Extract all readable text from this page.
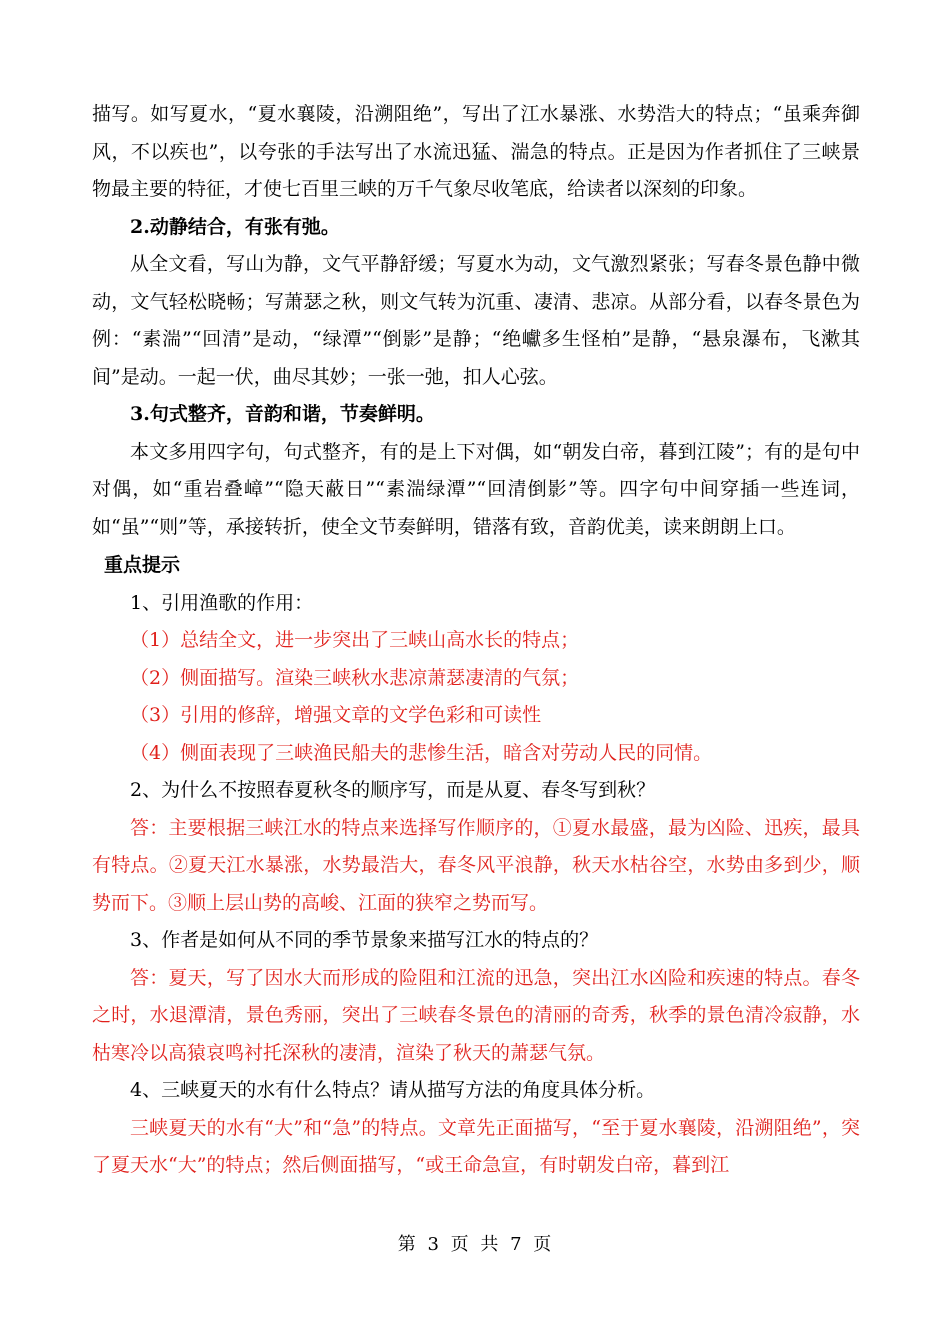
描写。如写夏水，“夏水襄陵，沿溯阻绝”，写出了江水暴涨、水势浩大的特点；“虽乘奔御风，不以疾也”，以夸张的手法写出了水流迅猛、湍急的特点。正是因为作者抓住了三峡景物最主要的特征，才使七百里三峡的万千气象尽收笔底，给读者以深刻的印象。

2.动静结合，有张有弛。

从全文看，写山为静，文气平静舒缓；写夏水为动，文气激烈紧张；写春冬景色静中微动，文气轻松晓畅；写萧瑟之秋，则文气转为沉重、凄清、悲凉。从部分看，以春冬景色为例：“素湍”“回清”是动，“绿潭”“倒影”是静；“绝巘多生怪柏”是静，“悬泉瀑布，飞漱其间”是动。一起一伏，曲尽其妙；一张一弛，扣人心弦。

3.句式整齐，音韵和谐，节奏鲜明。

本文多用四字句，句式整齐，有的是上下对偶，如“朝发白帝，暮到江陵”；有的是句中对偶，如“重岩叠嶂”“隐天蔽日”“素湍绿潭”“回清倒影”等。四字句中间穿插一些连词，如“虽”“则”等，承接转折，使全文节奏鲜明，错落有致，音韵优美，读来朗朗上口。

重点提示

1、引用渔歌的作用：

（1）总结全文，进一步突出了三峡山高水长的特点；

（2）侧面描写。渲染三峡秋水悲凉萧瑟凄清的气氛；

（3）引用的修辞，增强文章的文学色彩和可读性

（4）侧面表现了三峡渔民船夫的悲惨生活，暗含对劳动人民的同情。

2、为什么不按照春夏秋冬的顺序写，而是从夏、春冬写到秋？

答：主要根据三峡江水的特点来选择写作顺序的，①夏水最盛，最为凶险、迅疾，最具有特点。②夏天江水暴涨，水势最浩大，春冬风平浪静，秋天水枯谷空，水势由多到少，顺势而下。③顺上层山势的高峻、江面的狭窄之势而写。

3、作者是如何从不同的季节景象来描写江水的特点的？

答：夏天，写了因水大而形成的险阻和江流的迅急，突出江水凶险和疾速的特点。春冬之时，水退潭清，景色秀丽，突出了三峡春冬景色的清丽的奇秀，秋季的景色清冷寂静，水枯寒冷以高猿哀鸣衬托深秋的凄清，渲染了秋天的萧瑟气氛。

4、三峡夏天的水有什么特点？请从描写方法的角度具体分析。

三峡夏天的水有“大”和“急”的特点。文章先正面描写，“至于夏水襄陵，沿溯阻绝”，突了夏天水“大”的特点；然后侧面描写，“或王命急宣，有时朝发白帝，暮到江

第 3 页 共 7 页
